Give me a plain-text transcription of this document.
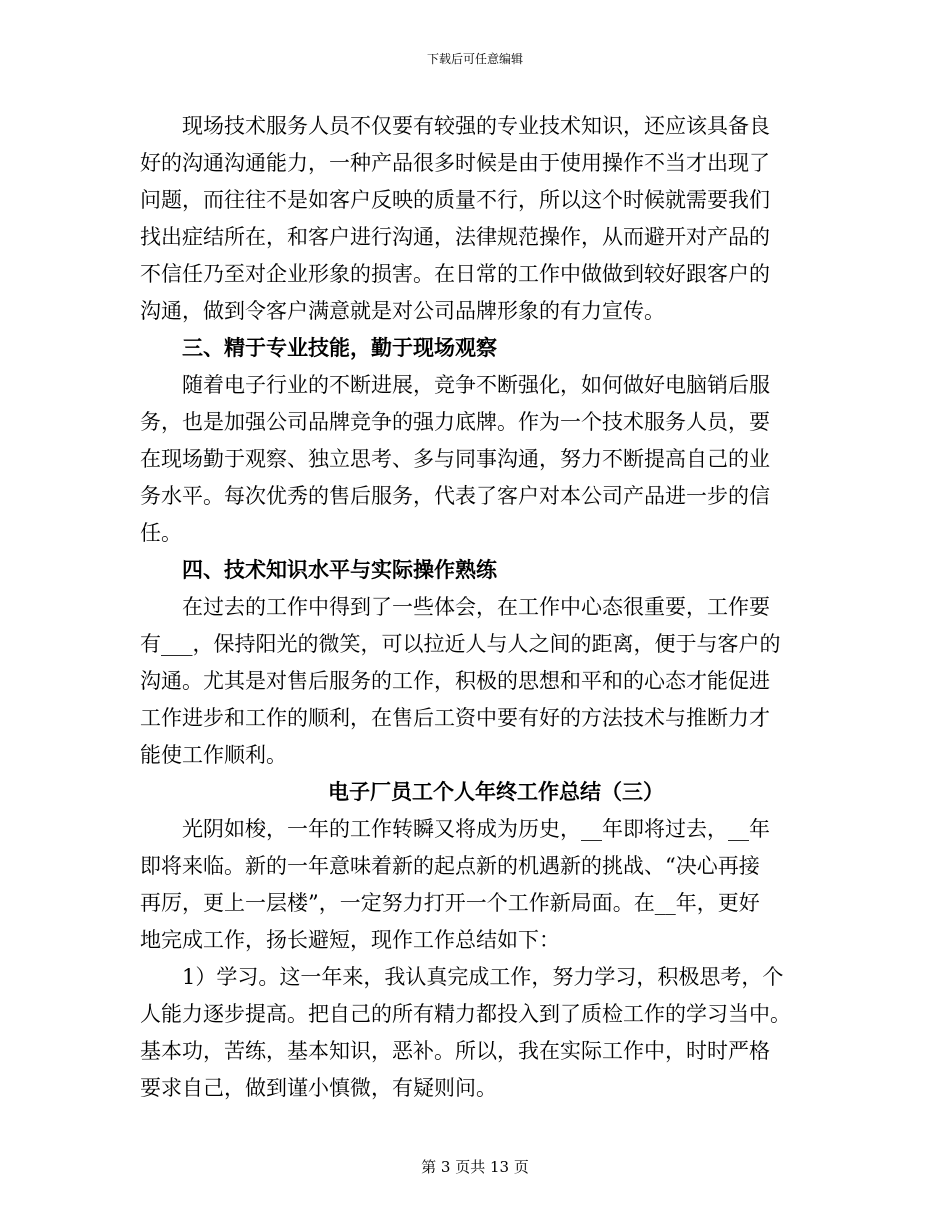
下载后可任意编辑
现场技术服务人员不仅要有较强的专业技术知识，还应该具备良
好的沟通沟通能力，一种产品很多时候是由于使用操作不当才出现了
问题，而往往不是如客户反映的质量不行，所以这个时候就需要我们
找出症结所在，和客户进行沟通，法律规范操作，从而避开对产品的
不信任乃至对企业形象的损害。在日常的工作中做做到较好跟客户的
沟通，做到令客户满意就是对公司品牌形象的有力宣传。
三、精于专业技能，勤于现场观察
随着电子行业的不断进展，竞争不断强化，如何做好电脑销后服
务，也是加强公司品牌竞争的强力底牌。作为一个技术服务人员，要
在现场勤于观察、独立思考、多与同事沟通，努力不断提高自己的业
务水平。每次优秀的售后服务，代表了客户对本公司产品进一步的信
任。
四、技术知识水平与实际操作熟练
在过去的工作中得到了一些体会，在工作中心态很重要，工作要
有___，保持阳光的微笑，可以拉近人与人之间的距离，便于与客户的
沟通。尤其是对售后服务的工作，积极的思想和平和的心态才能促进
工作进步和工作的顺利，在售后工资中要有好的方法技术与推断力才
能使工作顺利。
电子厂员工个人年终工作总结（三）
光阴如梭，一年的工作转瞬又将成为历史，__年即将过去，__年
即将来临。新的一年意味着新的起点新的机遇新的挑战、“决心再接
再厉，更上一层楼”，一定努力打开一个工作新局面。在__年，更好
地完成工作，扬长避短，现作工作总结如下：
1）学习。这一年来，我认真完成工作，努力学习，积极思考，个
人能力逐步提高。把自己的所有精力都投入到了质检工作的学习当中。
基本功，苦练，基本知识，恶补。所以，我在实际工作中，时时严格
要求自己，做到谨小慎微，有疑则问。
第 3 页共 13 页
